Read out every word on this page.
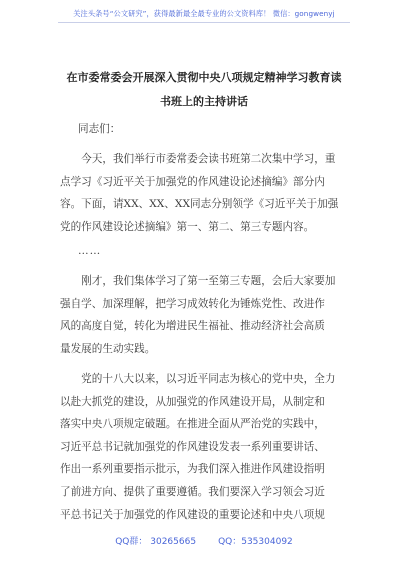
关注头条号“公文研究”，获得最新最全最专业的公文资料库！ 微信：gongwenyj
在市委常委会开展深入贯彻中央八项规定精神学习教育读
书班上的主持讲话
同志们：
　　今天，我们举行市委常委会读书班第二次集中学习，重
点学习《习近平关于加强党的作风建设论述摘编》部分内
容。下面，请XX、XX、XX同志分别领学《习近平关于加强
党的作风建设论述摘编》第一、第二、第三专题内容。
……
　　刚才，我们集体学习了第一至第三专题，会后大家要加
强自学、加深理解，把学习成效转化为锤炼党性、改进作
风的高度自觉，转化为增进民生福祉、推动经济社会高质
量发展的生动实践。
　　党的十八大以来，以习近平同志为核心的党中央，全力
以赴大抓党的建设，从加强党的作风建设开局，从制定和
落实中央八项规定破题。在推进全面从严治党的实践中，
习近平总书记就加强党的作风建设发表一系列重要讲话、
作出一系列重要指示批示，为我们深入推进作风建设指明
了前进方向、提供了重要遵循。我们要深入学习领会习近
平总书记关于加强党的作风建设的重要论述和中央八项规
QQ群： 30265665 QQ：535304092
